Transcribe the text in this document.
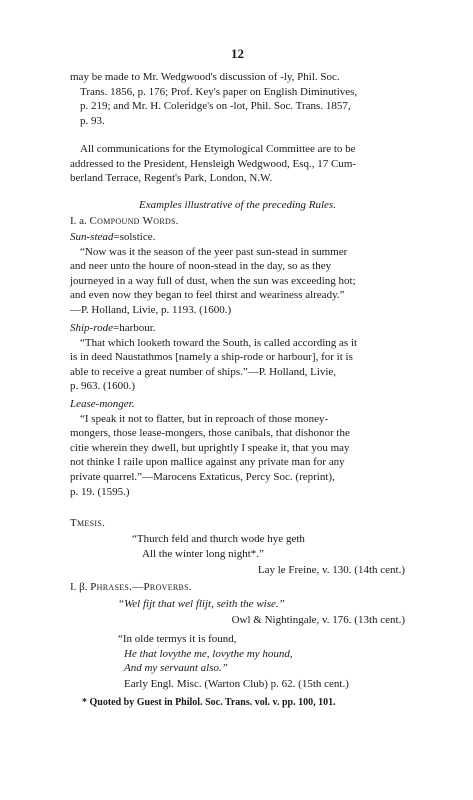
12
may be made to Mr. Wedgwood's discussion of -ly, Phil. Soc.
Trans. 1856, p. 176; Prof. Key's paper on English Diminutives,
p. 219; and Mr. H. Coleridge's on -lot, Phil. Soc. Trans. 1857,
p. 93.
All communications for the Etymological Committee are to be
addressed to the President, Hensleigh Wedgwood, Esq., 17 Cum-
berland Terrace, Regent's Park, London, N.W.
Examples illustrative of the preceding Rules.
I. a. Compound Words.
Sun-stead=solstice.
“Now was it the season of the yeer past sun-stead in summer
and neer unto the houre of noon-stead in the day, so as they
journeyed in a way full of dust, when the sun was exceeding hot;
and even now they began to feel thirst and weariness already.”
—P. Holland, Livie, p. 1193. (1600.)
Ship-rode=harbour.
“That which looketh toward the South, is called according as it
is in deed Naustathmos [namely a ship-rode or harbour], for it is
able to receive a great number of ships.”—P. Holland, Livie,
p. 963. (1600.)
Lease-monger.
“I speak it not to flatter, but in reproach of those money-
mongers, those lease-mongers, those canibals, that dishonor the
citie wherein they dwell, but uprightly I speake it, that you may
not thinke I raile upon mallice against any private man for any
private quarrel.”—Marocens Extaticus, Percy Soc. (reprint),
p. 19. (1595.)
Tmesis.
“Thurch feld and thurch wode hye geth
All the winter long night*.”
Lay le Freine, v. 130. (14th cent.)
I. β. Phrases.—Proverbs.
“Wel fijt that wel flijt, seith the wise.”
Owl & Nightingale, v. 176. (13th cent.)
“In olde termys it is found,
He that lovythe me, lovythe my hound,
And my servaunt also.”
Early Engl. Misc. (Warton Club) p. 62. (15th cent.)
* Quoted by Guest in Philol. Soc. Trans. vol. v. pp. 100, 101.
